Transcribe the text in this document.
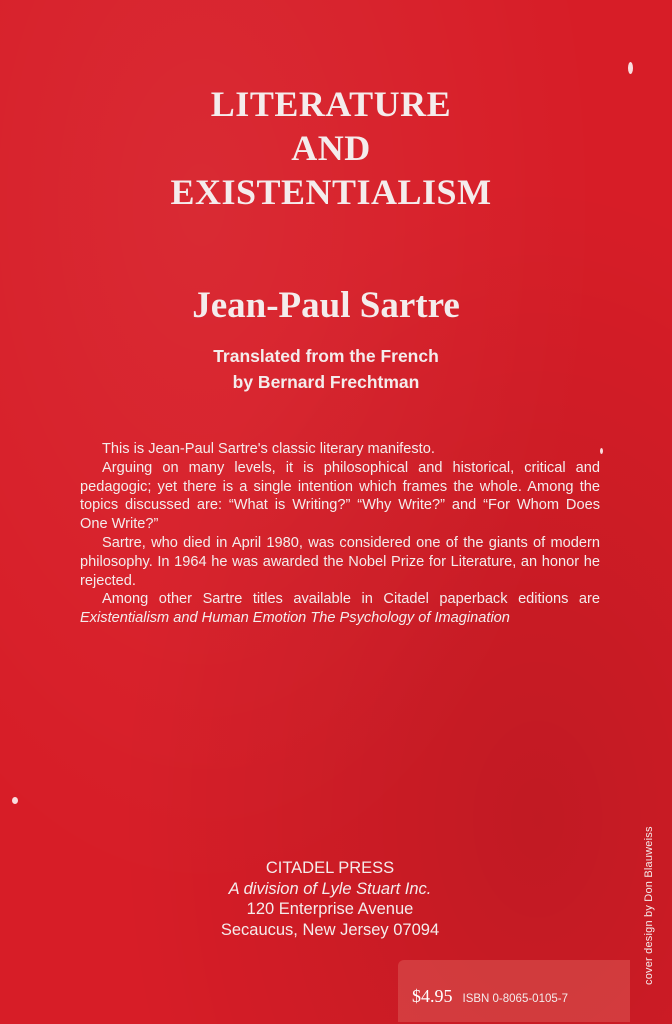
LITERATURE
AND
EXISTENTIALISM
Jean-Paul Sartre
Translated from the French
by Bernard Frechtman

This is Jean-Paul Sartre's classic literary manifesto.

Arguing on many levels, it is philosophical and historical, critical and pedagogic; yet there is a single intention which frames the whole. Among the topics discussed are: “What is Writing?” “Why Write?” and “For Whom Does One Write?”

Sartre, who died in April 1980, was considered one of the giants of modern philosophy. In 1964 he was awarded the Nobel Prize for Literature, an honor he rejected.

Among other Sartre titles available in Citadel paperback editions are Existentialism and Human Emotion The Psychology of Imagination

CITADEL PRESS
A division of Lyle Stuart Inc.
120 Enterprise Avenue
Secaucus, New Jersey 07094
$4.95 ISBN 0-8065-0105-7
cover design by Don Blauweiss
